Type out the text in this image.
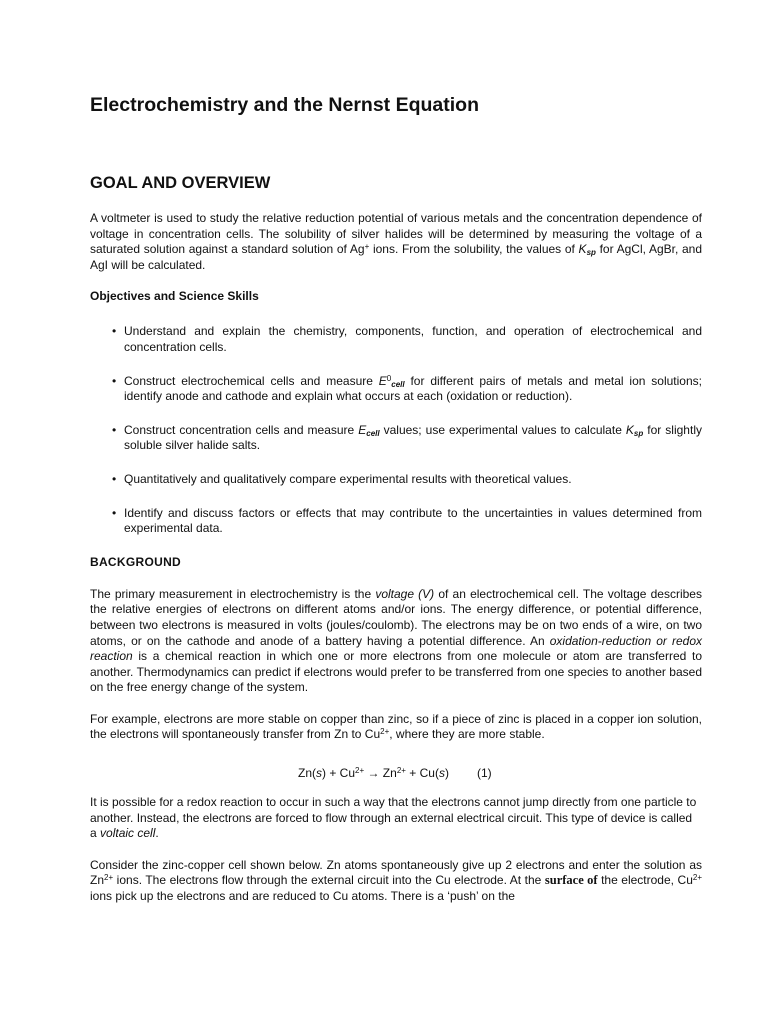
Electrochemistry and the Nernst Equation
GOAL AND OVERVIEW

A voltmeter is used to study the relative reduction potential of various metals and the concentration dependence of voltage in concentration cells. The solubility of silver halides will be determined by measuring the voltage of a saturated solution against a standard solution of Ag+ ions. From the solubility, the values of $K_{sp}$ for AgCl, AgBr, and AgI will be calculated.

Objectives and Science Skills
• Understand and explain the chemistry, components, function, and operation of electrochemical and concentration cells.
• Construct electrochemical cells and measure $E^0_{cell}$ for different pairs of metals and metal ion solutions; identify anode and cathode and explain what occurs at each (oxidation or reduction).
• Construct concentration cells and measure $E_{cell}$ values; use experimental values to calculate $K_{sp}$ for slightly soluble silver halide salts.
• Quantitatively and qualitatively compare experimental results with theoretical values.
• Identify and discuss factors or effects that may contribute to the uncertainties in values determined from experimental data.
BACKGROUND

The primary measurement in electrochemistry is the voltage (V) of an electrochemical cell. The voltage describes the relative energies of electrons on different atoms and/or ions. The energy difference, or potential difference, between two electrons is measured in volts (joules/coulomb). The electrons may be on two ends of a wire, on two atoms, or on the cathode and anode of a battery having a potential difference. An oxidation-reduction or redox reaction is a chemical reaction in which one or more electrons from one molecule or atom are transferred to another. Thermodynamics can predict if electrons would prefer to be transferred from one species to another based on the free energy change of the system.

For example, electrons are more stable on copper than zinc, so if a piece of zinc is placed in a copper ion solution, the electrons will spontaneously transfer from Zn to $Cu^{2+}$, where they are more stable.

$Zn(s) + Cu^{2+} \to Zn^{2+} + Cu(s)$ (1)

It is possible for a redox reaction to occur in such a way that the electrons cannot jump directly from one particle to another. Instead, the electrons are forced to flow through an external electrical circuit. This type of device is called a voltaic cell.

Consider the zinc-copper cell shown below. Zn atoms spontaneously give up 2 electrons and enter the solution as $Zn^{2+}$ ions. The electrons flow through the external circuit into the Cu electrode. At the surface of the electrode, $Cu^{2+}$ ions pick up the electrons and are reduced to Cu atoms. There is a ‘push’ on the
